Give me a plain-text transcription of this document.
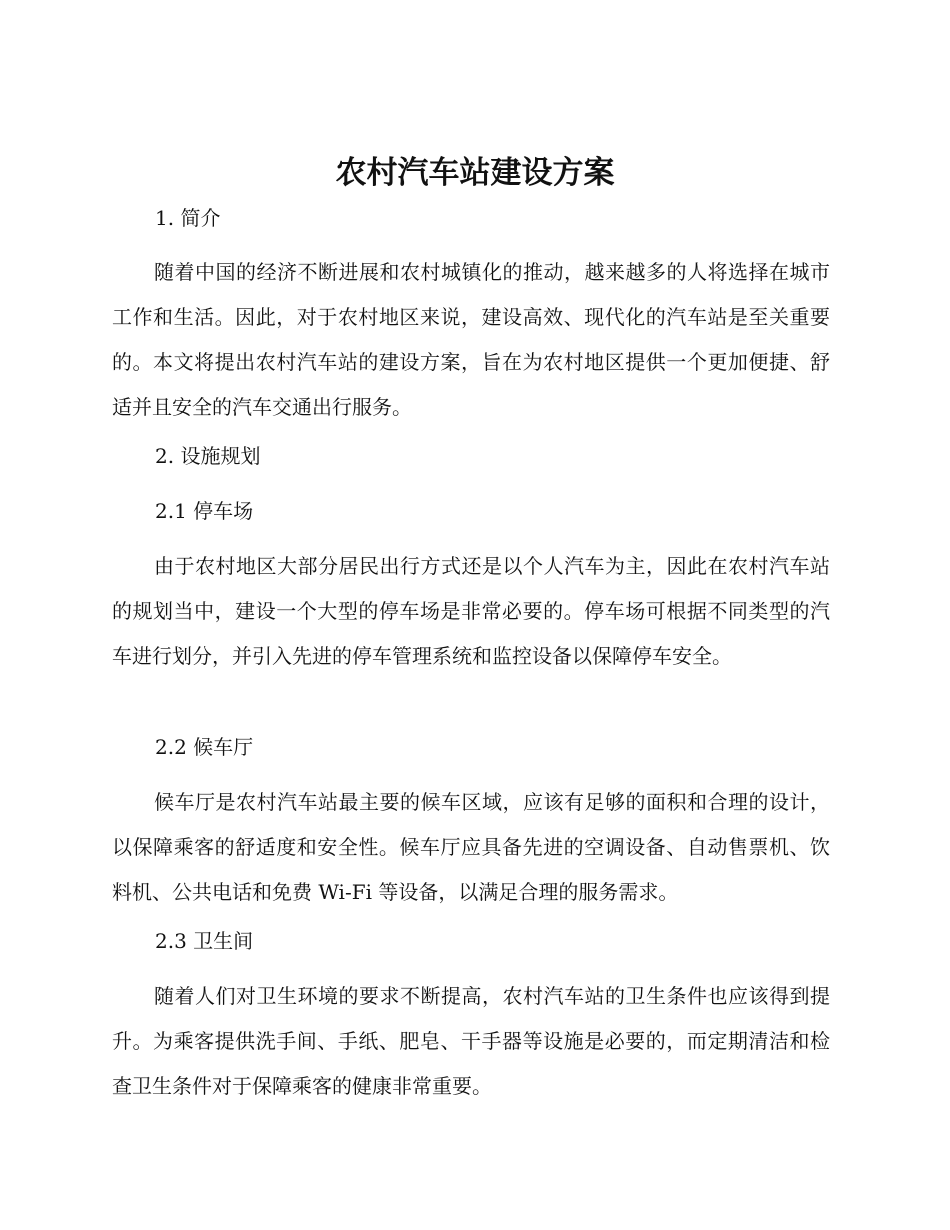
农村汽车站建设方案
1. 简介

随着中国的经济不断进展和农村城镇化的推动，越来越多的人将选择在城市工作和生活。因此，对于农村地区来说，建设高效、现代化的汽车站是至关重要的。本文将提出农村汽车站的建设方案，旨在为农村地区提供一个更加便捷、舒适并且安全的汽车交通出行服务。

2. 设施规划
2.1 停车场

由于农村地区大部分居民出行方式还是以个人汽车为主，因此在农村汽车站的规划当中，建设一个大型的停车场是非常必要的。停车场可根据不同类型的汽车进行划分，并引入先进的停车管理系统和监控设备以保障停车安全。

2.2 候车厅

候车厅是农村汽车站最主要的候车区域，应该有足够的面积和合理的设计，以保障乘客的舒适度和安全性。候车厅应具备先进的空调设备、自动售票机、饮料机、公共电话和免费 Wi-Fi 等设备，以满足合理的服务需求。

2.3 卫生间

随着人们对卫生环境的要求不断提高，农村汽车站的卫生条件也应该得到提升。为乘客提供洗手间、手纸、肥皂、干手器等设施是必要的，而定期清洁和检查卫生条件对于保障乘客的健康非常重要。
